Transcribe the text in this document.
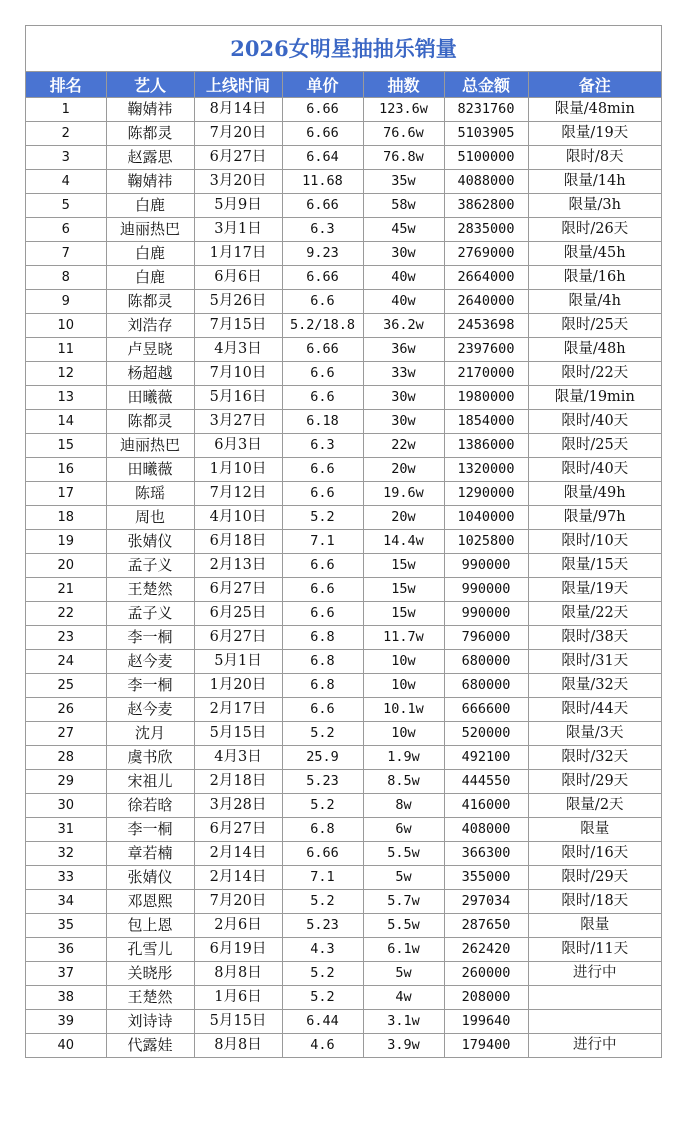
2026女明星抽抽乐销量
排名	艺人	上线时间	单价	抽数	总金额	备注
1	鞠婧祎	8月14日	6.66	123.6w	8231760	限量/48min
2	陈都灵	7月20日	6.66	76.6w	5103905	限量/19天
3	赵露思	6月27日	6.64	76.8w	5100000	限时/8天
4	鞠婧祎	3月20日	11.68	35w	4088000	限量/14h
5	白鹿	5月9日	6.66	58w	3862800	限量/3h
6	迪丽热巴	3月1日	6.3	45w	2835000	限时/26天
7	白鹿	1月17日	9.23	30w	2769000	限量/45h
8	白鹿	6月6日	6.66	40w	2664000	限量/16h
9	陈都灵	5月26日	6.6	40w	2640000	限量/4h
10	刘浩存	7月15日	5.2/18.8	36.2w	2453698	限时/25天
11	卢昱晓	4月3日	6.66	36w	2397600	限量/48h
12	杨超越	7月10日	6.6	33w	2170000	限时/22天
13	田曦薇	5月16日	6.6	30w	1980000	限量/19min
14	陈都灵	3月27日	6.18	30w	1854000	限时/40天
15	迪丽热巴	6月3日	6.3	22w	1386000	限时/25天
16	田曦薇	1月10日	6.6	20w	1320000	限时/40天
17	陈瑶	7月12日	6.6	19.6w	1290000	限量/49h
18	周也	4月10日	5.2	20w	1040000	限量/97h
19	张婧仪	6月18日	7.1	14.4w	1025800	限时/10天
20	孟子义	2月13日	6.6	15w	990000	限量/15天
21	王楚然	6月27日	6.6	15w	990000	限量/19天
22	孟子义	6月25日	6.6	15w	990000	限量/22天
23	李一桐	6月27日	6.8	11.7w	796000	限时/38天
24	赵今麦	5月1日	6.8	10w	680000	限时/31天
25	李一桐	1月20日	6.8	10w	680000	限量/32天
26	赵今麦	2月17日	6.6	10.1w	666600	限时/44天
27	沈月	5月15日	5.2	10w	520000	限量/3天
28	虞书欣	4月3日	25.9	1.9w	492100	限时/32天
29	宋祖儿	2月18日	5.23	8.5w	444550	限时/29天
30	徐若晗	3月28日	5.2	8w	416000	限量/2天
31	李一桐	6月27日	6.8	6w	408000	限量
32	章若楠	2月14日	6.66	5.5w	366300	限时/16天
33	张婧仪	2月14日	7.1	5w	355000	限时/29天
34	邓恩熙	7月20日	5.2	5.7w	297034	限时/18天
35	包上恩	2月6日	5.23	5.5w	287650	限量
36	孔雪儿	6月19日	4.3	6.1w	262420	限时/11天
37	关晓彤	8月8日	5.2	5w	260000	进行中
38	王楚然	1月6日	5.2	4w	208000	
39	刘诗诗	5月15日	6.44	3.1w	199640	
40	代露娃	8月8日	4.6	3.9w	179400	进行中
